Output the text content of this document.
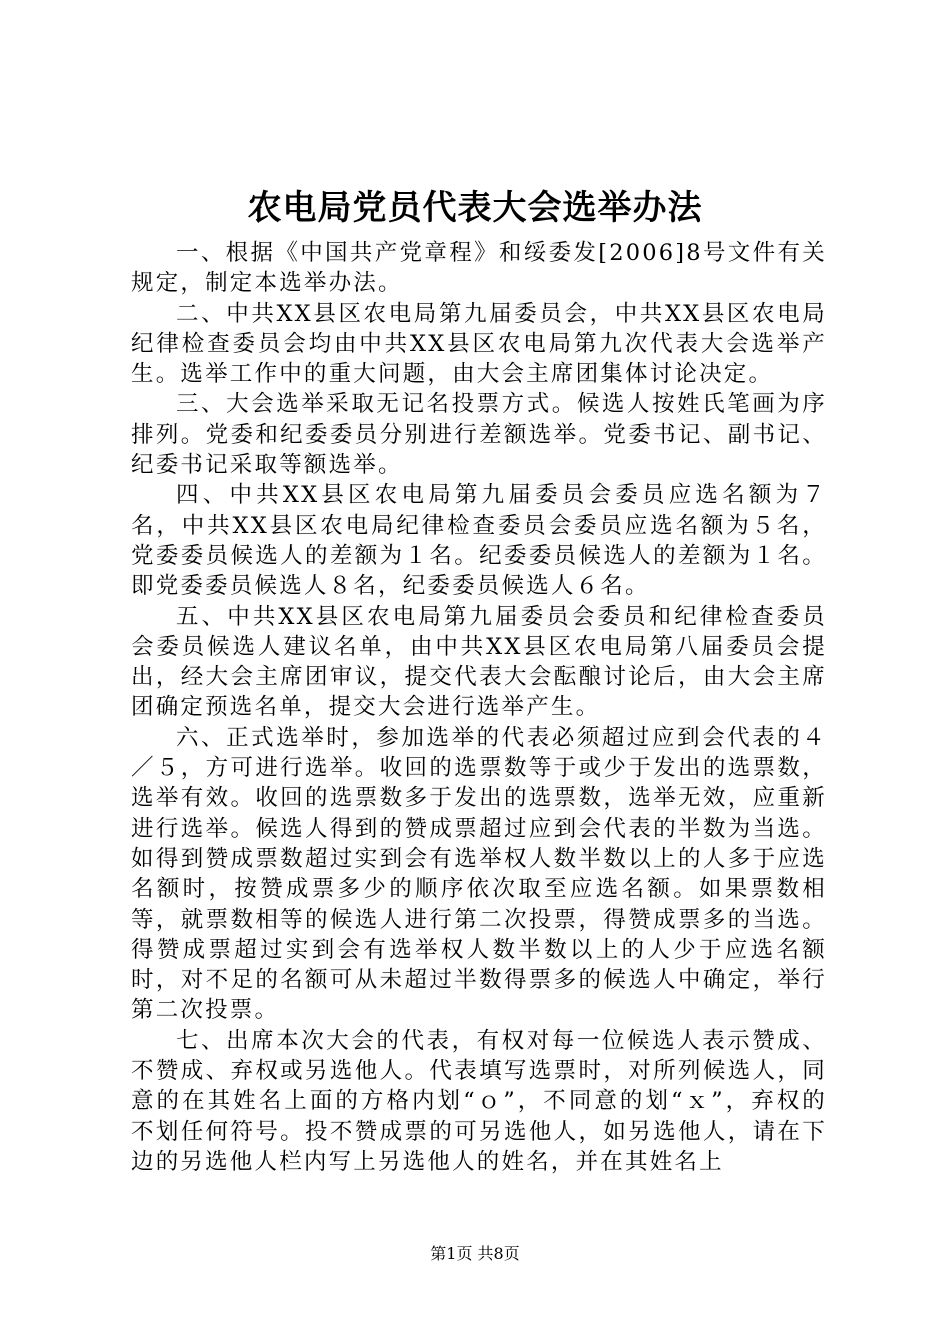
农电局党员代表大会选举办法

一、根据《中国共产党章程》和绥委发[2006]8号文件有关规定，制定本选举办法。

二、中共XX县区农电局第九届委员会，中共XX县区农电局纪律检查委员会均由中共XX县区农电局第九次代表大会选举产生。选举工作中的重大问题，由大会主席团集体讨论决定。

三、大会选举采取无记名投票方式。候选人按姓氏笔画为序排列。党委和纪委委员分别进行差额选举。党委书记、副书记、纪委书记采取等额选举。

四、中共XX县区农电局第九届委员会委员应选名额为７名，中共XX县区农电局纪律检查委员会委员应选名额为５名，党委委员候选人的差额为１名。纪委委员候选人的差额为１名。即党委委员候选人８名，纪委委员候选人６名。

五、中共XX县区农电局第九届委员会委员和纪律检查委员会委员候选人建议名单，由中共XX县区农电局第八届委员会提出，经大会主席团审议，提交代表大会酝酿讨论后，由大会主席团确定预选名单，提交大会进行选举产生。

六、正式选举时，参加选举的代表必须超过应到会代表的４／５，方可进行选举。收回的选票数等于或少于发出的选票数，选举有效。收回的选票数多于发出的选票数，选举无效，应重新进行选举。候选人得到的赞成票超过应到会代表的半数为当选。如得到赞成票数超过实到会有选举权人数半数以上的人多于应选名额时，按赞成票多少的顺序依次取至应选名额。如果票数相等，就票数相等的候选人进行第二次投票，得赞成票多的当选。得赞成票超过实到会有选举权人数半数以上的人少于应选名额时，对不足的名额可从未超过半数得票多的候选人中确定，举行第二次投票。

七、出席本次大会的代表，有权对每一位候选人表示赞成、不赞成、弃权或另选他人。代表填写选票时，对所列候选人，同意的在其姓名上面的方格内划“ｏ”，不同意的划“ｘ”，弃权的不划任何符号。投不赞成票的可另选他人，如另选他人，请在下边的另选他人栏内写上另选他人的姓名，并在其姓名上

第1页 共8页
